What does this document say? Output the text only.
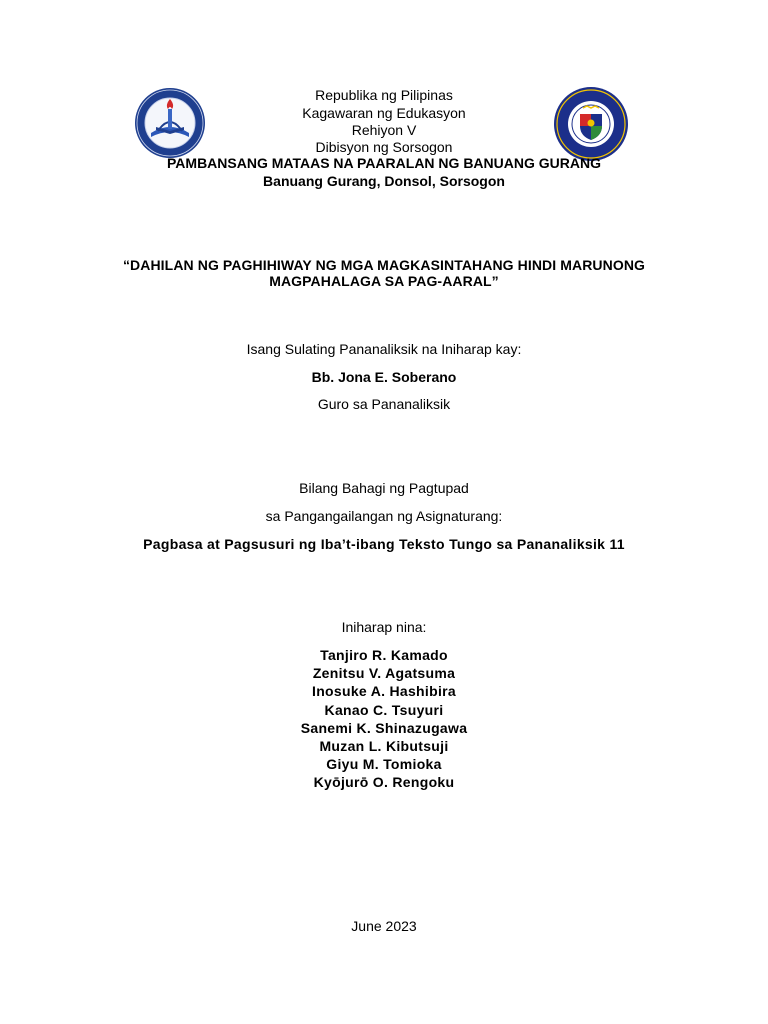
Republika ng Pilipinas
Kagawaran ng Edukasyon
Rehiyon V
Dibisyon ng Sorsogon
PAMBANSANG MATAAS NA PAARALAN NG BANUANG GURANG
Banuang Gurang, Donsol, Sorsogon
“DAHILAN NG PAGHIHIWAY NG MGA MAGKASINTAHANG HINDI MARUNONG
MAGPAHALAGA SA PAG-AARAL”
Isang Sulating Pananaliksik na Iniharap kay:
Bb. Jona E. Soberano
Guro sa Pananaliksik
Bilang Bahagi ng Pagtupad
sa Pangangailangan ng Asignaturang:
Pagbasa at Pagsusuri ng Iba’t-ibang Teksto Tungo sa Pananaliksik 11
Iniharap nina:
Tanjiro R. Kamado
Zenitsu V. Agatsuma
Inosuke A. Hashibira
Kanao C. Tsuyuri
Sanemi K. Shinazugawa
Muzan L. Kibutsuji
Giyu M. Tomioka
Kyōjurō O. Rengoku
June 2023
